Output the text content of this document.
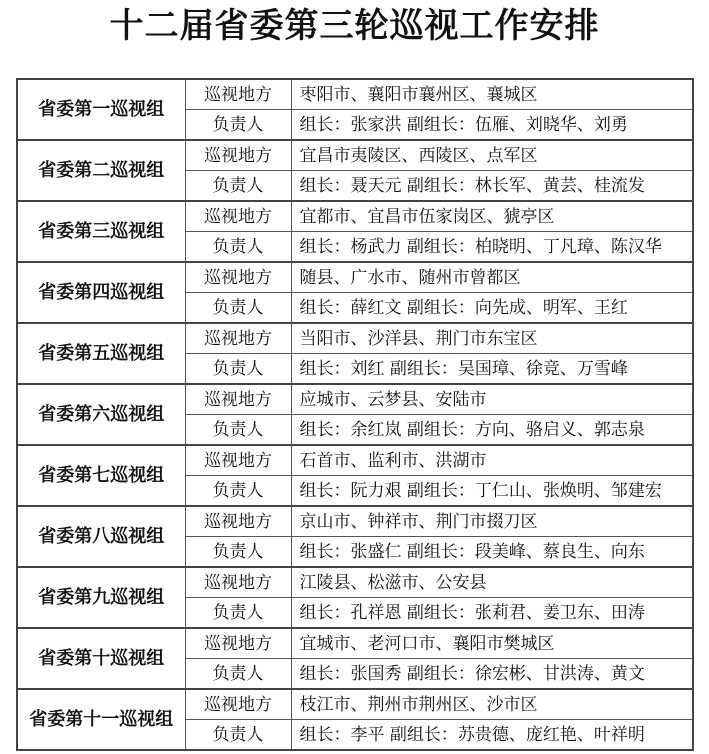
十二届省委第三轮巡视工作安排
省委第一巡视组	巡视地方	枣阳市、襄阳市襄州区、襄城区
	负责人	组长：张家洪 副组长：伍雁、刘晓华、刘勇
省委第二巡视组	巡视地方	宜昌市夷陵区、西陵区、点军区
	负责人	组长：聂天元 副组长：林长军、黄芸、桂流发
省委第三巡视组	巡视地方	宜都市、宜昌市伍家岗区、猇亭区
	负责人	组长：杨武力 副组长：柏晓明、丁凡璋、陈汉华
省委第四巡视组	巡视地方	随县、广水市、随州市曾都区
	负责人	组长：薛红文 副组长：向先成、明军、王红
省委第五巡视组	巡视地方	当阳市、沙洋县、荆门市东宝区
	负责人	组长：刘红 副组长：吴国璋、徐竞、万雪峰
省委第六巡视组	巡视地方	应城市、云梦县、安陆市
	负责人	组长：余红岚 副组长：方向、骆启义、郭志泉
省委第七巡视组	巡视地方	石首市、监利市、洪湖市
	负责人	组长：阮力艰 副组长：丁仁山、张焕明、邹建宏
省委第八巡视组	巡视地方	京山市、钟祥市、荆门市掇刀区
	负责人	组长：张盛仁 副组长：段美峰、蔡良生、向东
省委第九巡视组	巡视地方	江陵县、松滋市、公安县
	负责人	组长：孔祥恩 副组长：张莉君、姜卫东、田涛
省委第十巡视组	巡视地方	宜城市、老河口市、襄阳市樊城区
	负责人	组长：张国秀 副组长：徐宏彬、甘洪涛、黄文
省委第十一巡视组	巡视地方	枝江市、荆州市荆州区、沙市区
	负责人	组长：李平 副组长：苏贵德、庞红艳、叶祥明
